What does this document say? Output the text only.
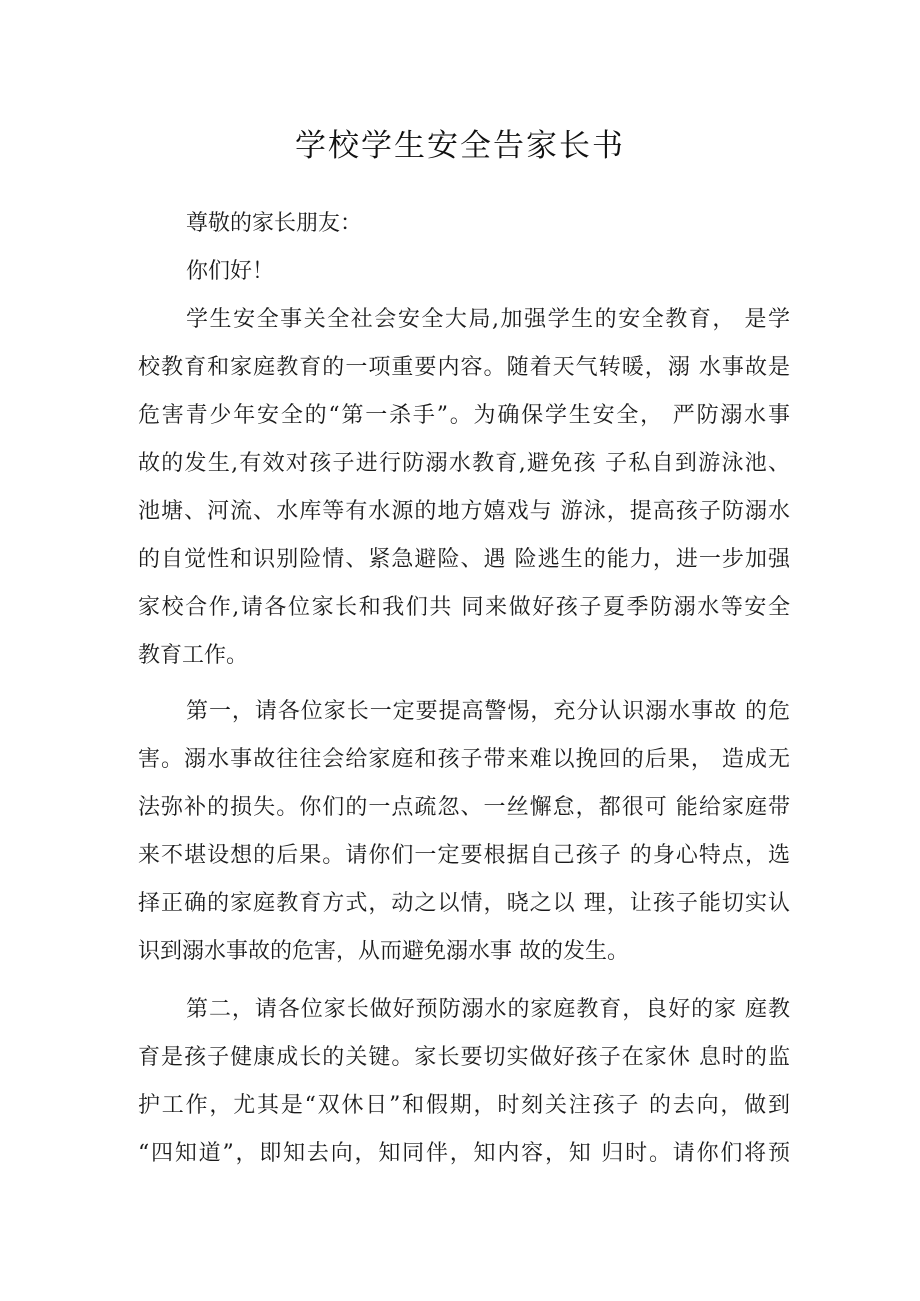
学校学生安全告家长书
尊敬的家长朋友：
你们好！
学生安全事关全社会安全大局,加强学生的安全教育， 是学
校教育和家庭教育的一项重要内容。随着天气转暖，溺 水事故是
危害青少年安全的“第一杀手”。为确保学生安全， 严防溺水事
故的发生,有效对孩子进行防溺水教育,避免孩 子私自到游泳池、
池塘、河流、水库等有水源的地方嬉戏与 游泳，提高孩子防溺水
的自觉性和识别险情、紧急避险、遇 险逃生的能力，进一步加强
家校合作,请各位家长和我们共 同来做好孩子夏季防溺水等安全
教育工作。
第一，请各位家长一定要提高警惕，充分认识溺水事故 的危
害。溺水事故往往会给家庭和孩子带来难以挽回的后果， 造成无
法弥补的损失。你们的一点疏忽、一丝懈怠，都很可 能给家庭带
来不堪设想的后果。请你们一定要根据自己孩子 的身心特点，选
择正确的家庭教育方式，动之以情，晓之以 理，让孩子能切实认
识到溺水事故的危害，从而避免溺水事 故的发生。
第二，请各位家长做好预防溺水的家庭教育，良好的家 庭教
育是孩子健康成长的关键。家长要切实做好孩子在家休 息时的监
护工作，尤其是“双休日”和假期，时刻关注孩子 的去向，做到
“四知道”，即知去向，知同伴，知内容，知 归时。请你们将预
